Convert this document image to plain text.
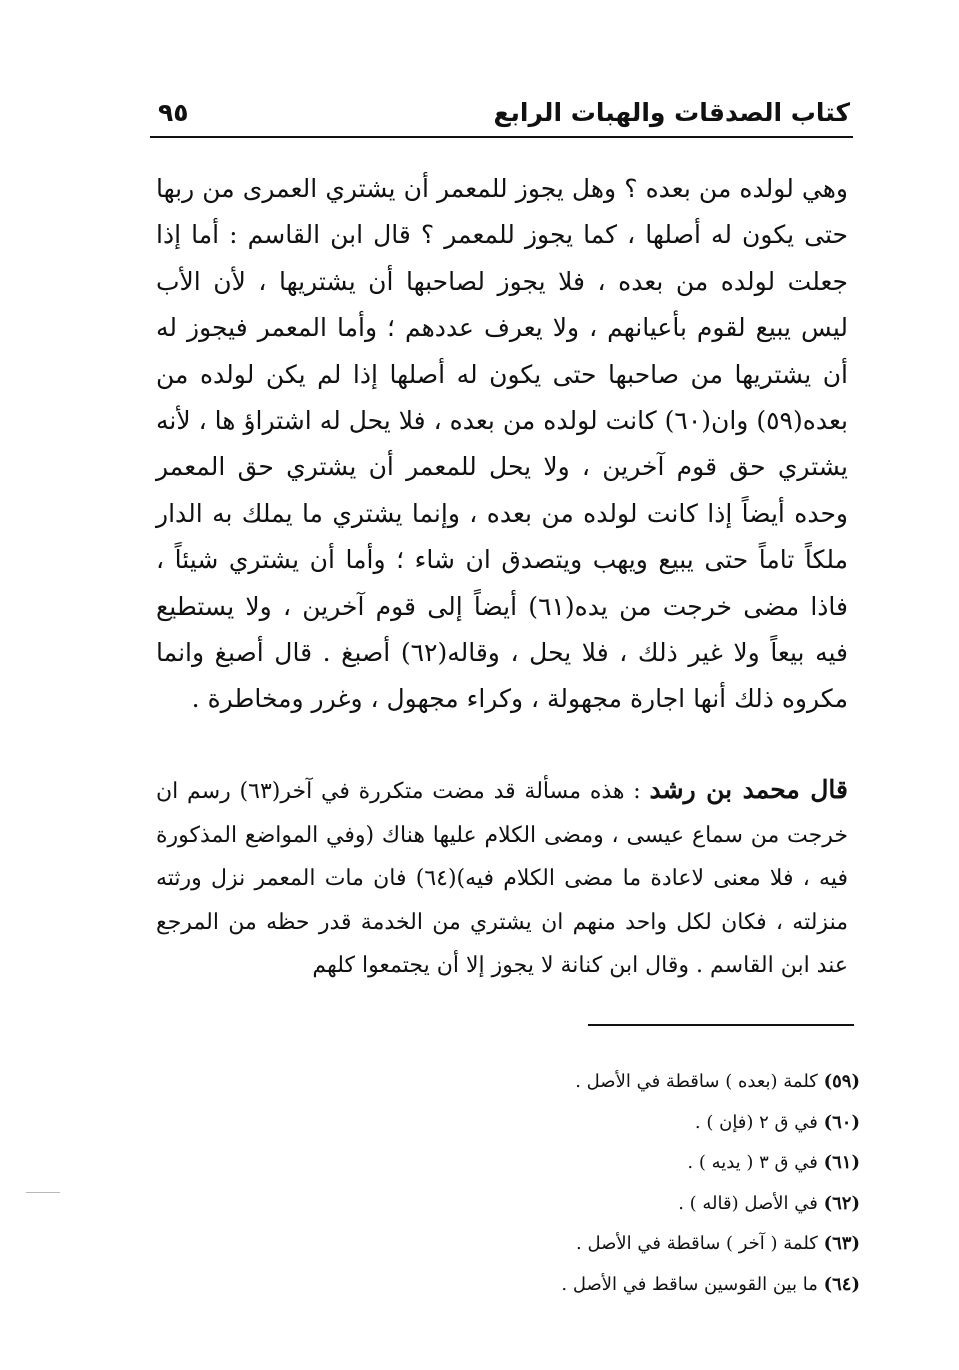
كتاب الصدقات والهبات الرابع
٩٥

وهي لولده من بعده ؟ وهل يجوز للمعمر أن يشتري العمرى من ربها حتى يكون له أصلها ، كما يجوز للمعمر ؟ قال ابن القاسم : أما إذا جعلت لولده من بعده ، فلا يجوز لصاحبها أن يشتريها ، لأن الأب ليس يبيع لقوم بأعيانهم ، ولا يعرف عددهم ؛ وأما المعمر فيجوز له أن يشتريها من صاحبها حتى يكون له أصلها إذا لم يكن لولده من بعده(٥٩) وان(٦٠) كانت لولده من بعده ، فلا يحل له اشتراؤ ها ، لأنه يشتري حق قوم آخرين ، ولا يحل للمعمر أن يشتري حق المعمر وحده أيضاً إذا كانت لولده من بعده ، وإنما يشتري ما يملك به الدار ملكاً تاماً حتى يبيع ويهب ويتصدق ان شاء ؛ وأما أن يشتري شيئاً ، فاذا مضى خرجت من يده(٦١) أيضاً إلى قوم آخرين ، ولا يستطيع فيه بيعاً ولا غير ذلك ، فلا يحل ، وقاله(٦٢) أصبغ . قال أصبغ وانما مكروه ذلك أنها اجارة مجهولة ، وكراء مجهول ، وغرر ومخاطرة .

قال محمد بن رشد : هذه مسألة قد مضت متكررة في آخر(٦٣) رسم ان خرجت من سماع عيسى ، ومضى الكلام عليها هناك (وفي المواضع المذكورة فيه ، فلا معنى لاعادة ما مضى الكلام فيه)(٦٤) فان مات المعمر نزل ورثته منزلته ، فكان لكل واحد منهم ان يشتري من الخدمة قدر حظه من المرجع عند ابن القاسم . وقال ابن كنانة لا يجوز إلا أن يجتمعوا كلهم

(٥٩) كلمة (بعده ) ساقطة في الأصل .
(٦٠) في ق ٢ (فإن ) .
(٦١) في ق ٣ ( يديه ) .
(٦٢) في الأصل (قاله ) .
(٦٣) كلمة ( آخر ) ساقطة في الأصل .
(٦٤) ما بين القوسين ساقط في الأصل .
